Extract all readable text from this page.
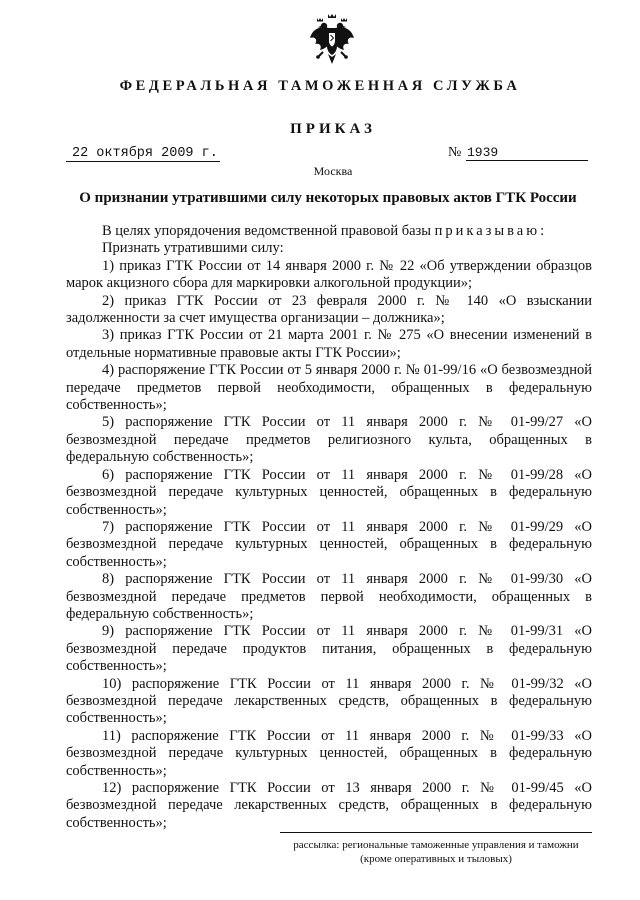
ФЕДЕРАЛЬНАЯ ТАМОЖЕННАЯ СЛУЖБА
ПРИКАЗ
22 октября 2009 г.	№ 1939
Москва
О признании утратившими силу некоторых правовых актов ГТК России

В целях упорядочения ведомственной правовой базы приказываю:

Признать утратившими силу:

1) приказ ГТК России от 14 января 2000 г. № 22 «Об утверждении образцов марок акцизного сбора для маркировки алкогольной продукции»;

2) приказ ГТК России от 23 февраля 2000 г. № 140 «О взыскании задолженности за счет имущества организации – должника»;

3) приказ ГТК России от 21 марта 2001 г. № 275 «О внесении изменений в отдельные нормативные правовые акты ГТК России»;

4) распоряжение ГТК России от 5 января 2000 г. № 01-99/16 «О безвозмездной передаче предметов первой необходимости, обращенных в федеральную собственность»;

5) распоряжение ГТК России от 11 января 2000 г. № 01-99/27 «О безвозмездной передаче предметов религиозного культа, обращенных в федеральную собственность»;

6) распоряжение ГТК России от 11 января 2000 г. № 01-99/28 «О безвозмездной передаче культурных ценностей, обращенных в федеральную собственность»;

7) распоряжение ГТК России от 11 января 2000 г. № 01-99/29 «О безвозмездной передаче культурных ценностей, обращенных в федеральную собственность»;

8) распоряжение ГТК России от 11 января 2000 г. № 01-99/30 «О безвозмездной передаче предметов первой необходимости, обращенных в федеральную собственность»;

9) распоряжение ГТК России от 11 января 2000 г. № 01-99/31 «О безвозмездной передаче продуктов питания, обращенных в федеральную собственность»;

10) распоряжение ГТК России от 11 января 2000 г. № 01-99/32 «О безвозмездной передаче лекарственных средств, обращенных в федеральную собственность»;

11) распоряжение ГТК России от 11 января 2000 г. № 01-99/33 «О безвозмездной передаче культурных ценностей, обращенных в федеральную собственность»;

12) распоряжение ГТК России от 13 января 2000 г. № 01-99/45 «О безвозмездной передаче лекарственных средств, обращенных в федеральную собственность»;

рассылка: региональные таможенные управления и таможни
(кроме оперативных и тыловых)
